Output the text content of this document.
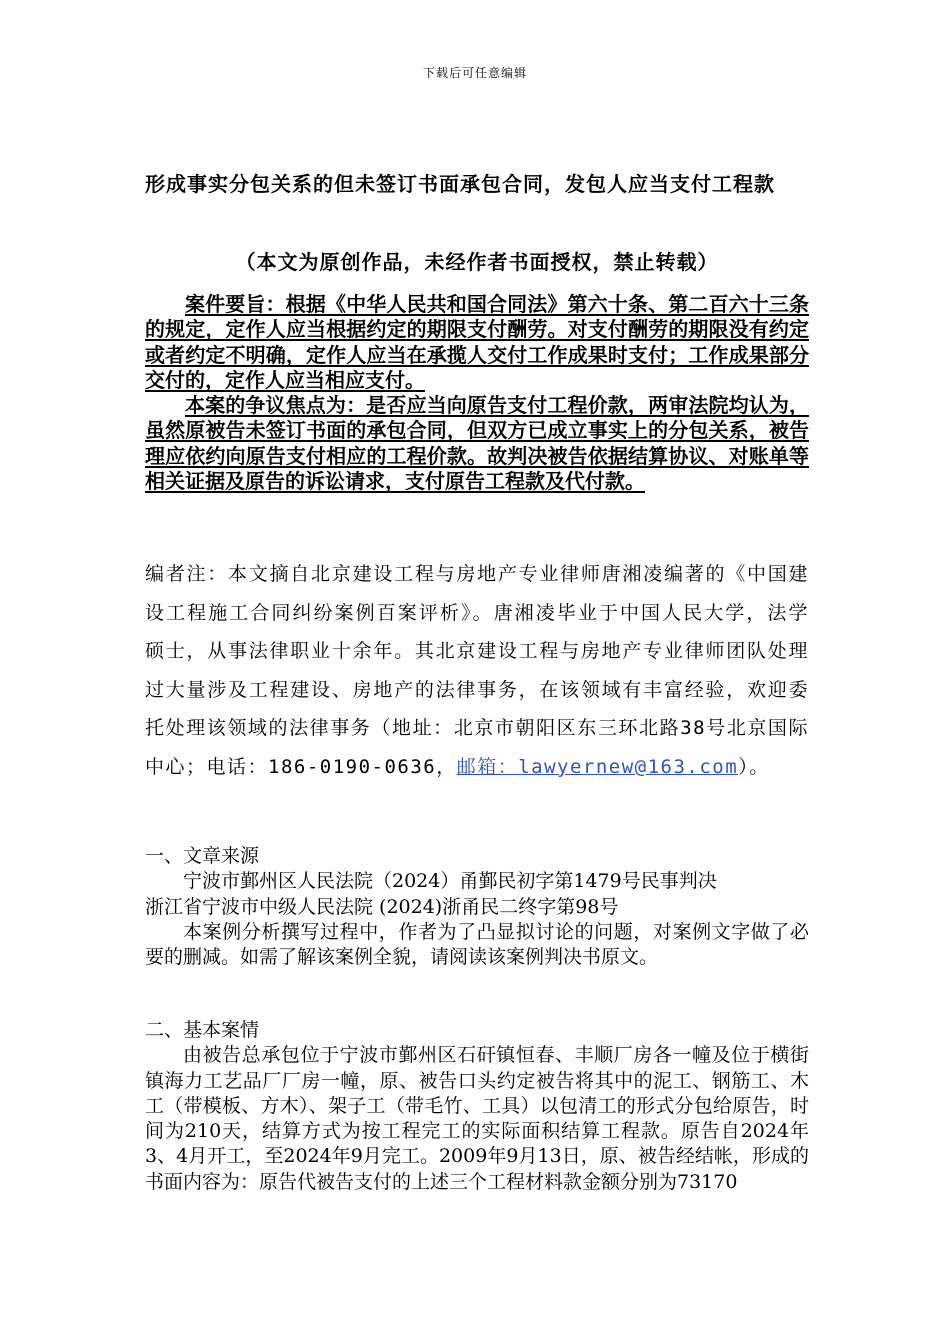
下载后可任意编辑
形成事实分包关系的但未签订书面承包合同，发包人应当支付工程款
（本文为原创作品，未经作者书面授权，禁止转载）

案件要旨：根据《中华人民共和国合同法》第六十条、第二百六十三条的规定，定作人应当根据约定的期限支付酬劳。对支付酬劳的期限没有约定或者约定不明确，定作人应当在承揽人交付工作成果时支付；工作成果部分交付的，定作人应当相应支付。

本案的争议焦点为：是否应当向原告支付工程价款，两审法院均认为，虽然原被告未签订书面的承包合同，但双方已成立事实上的分包关系，被告理应依约向原告支付相应的工程价款。故判决被告依据结算协议、对账单等相关证据及原告的诉讼请求，支付原告工程款及代付款。

编者注：本文摘自北京建设工程与房地产专业律师唐湘凌编著的《中国建设工程施工合同纠纷案例百案评析》。唐湘凌毕业于中国人民大学，法学硕士，从事法律职业十余年。其北京建设工程与房地产专业律师团队处理过大量涉及工程建设、房地产的法律事务，在该领域有丰富经验，欢迎委托处理该领域的法律事务（地址：北京市朝阳区东三环北路38号北京国际中心；电话：186-0190-0636，邮箱：lawyernew@163.com）。
一、文章来源

宁波市鄞州区人民法院（2024）甬鄞民初字第1479号民事判决

浙江省宁波市中级人民法院 (2024)浙甬民二终字第98号

本案例分析撰写过程中，作者为了凸显拟讨论的问题，对案例文字做了必要的删减。如需了解该案例全貌，请阅读该案例判决书原文。

二、基本案情

由被告总承包位于宁波市鄞州区石矸镇恒春、丰顺厂房各一幢及位于横街镇海力工艺品厂厂房一幢，原、被告口头约定被告将其中的泥工、钢筋工、木工（带模板、方木）、架子工（带毛竹、工具）以包清工的形式分包给原告，时间为210天，结算方式为按工程完工的实际面积结算工程款。原告自2024年3、4月开工，至2024年9月完工。2009年9月13日，原、被告经结帐，形成的书面内容为：原告代被告支付的上述三个工程材料款金额分别为73170
